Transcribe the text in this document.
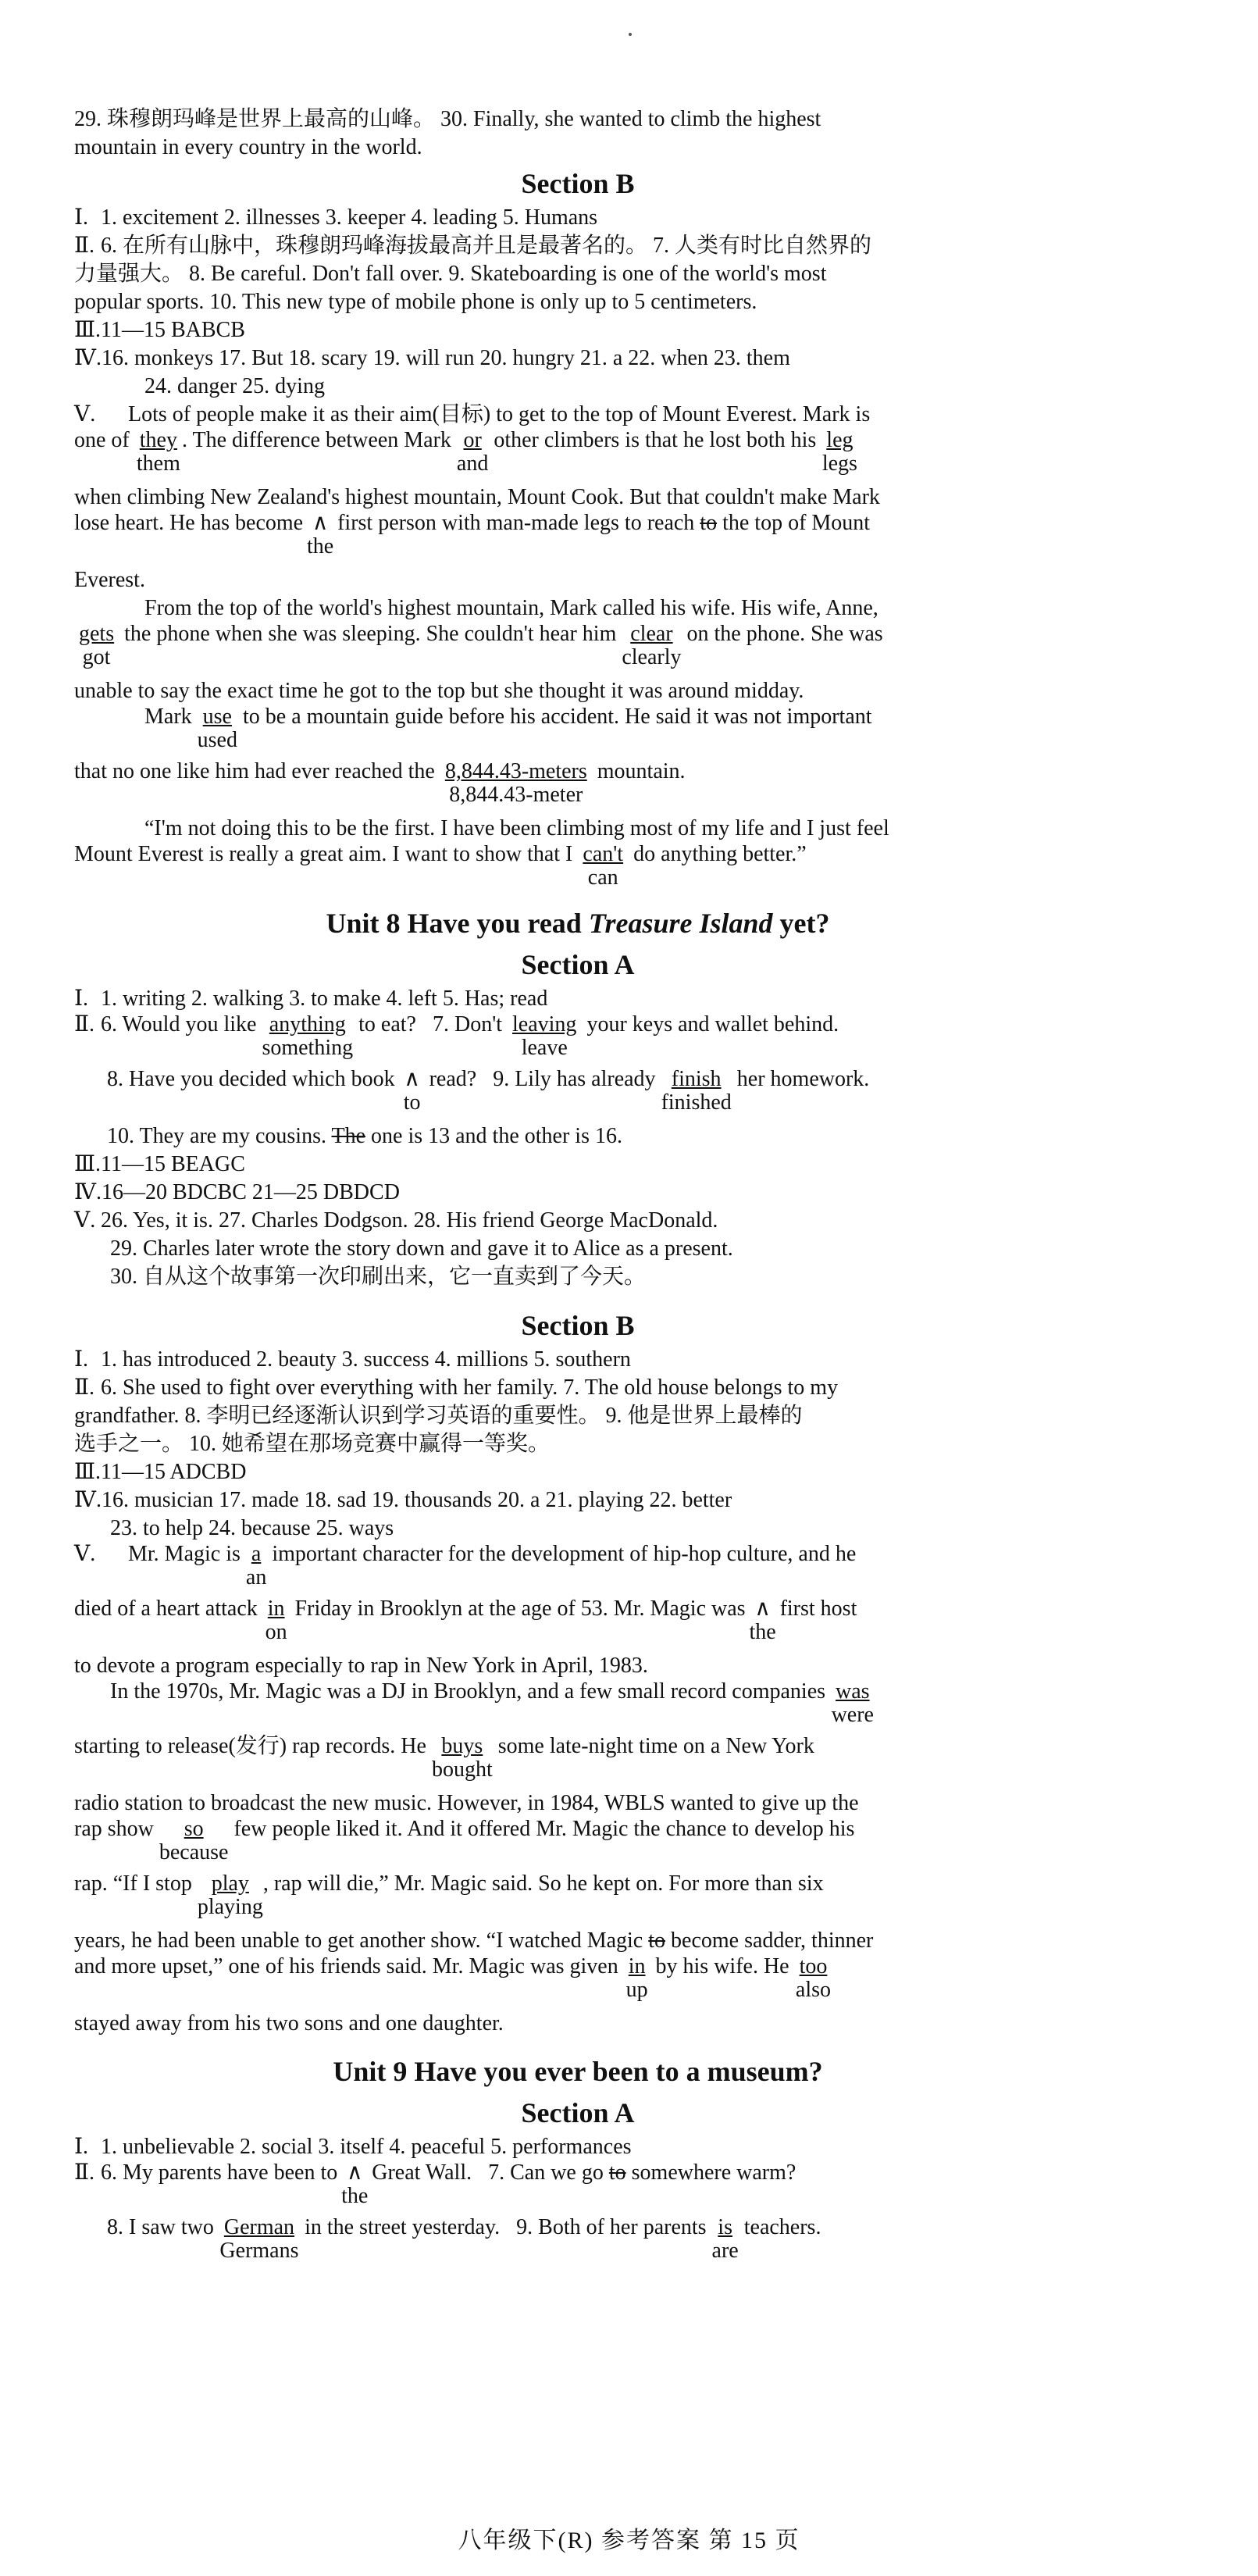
29. 珠穆朗玛峰是世界上最高的山峰。 30. Finally, she wanted to climb the highest
mountain in every country in the world.
Section B
Ⅰ. 1. excitement 2. illnesses 3. keeper 4. leading 5. Humans
Ⅱ. 6. 在所有山脉中，珠穆朗玛峰海拔最高并且是最著名的。 7. 人类有时比自然界的
力量强大。 8. Be careful. Don't fall over. 9. Skateboarding is one of the world's most
popular sports. 10. This new type of mobile phone is only up to 5 centimeters.
Ⅲ.11—15 BABCB
Ⅳ.16. monkeys 17. But 18. scary 19. will run 20. hungry 21. a 22. when 23. them
24. danger 25. dying
Ⅴ. Lots of people make it as their aim(目标) to get to the top of Mount Everest. Mark is
one of they
them
. The difference between Mark or
and
other climbers is that he lost both his leg
legs
when climbing New Zealand's highest mountain, Mount Cook. But that couldn't make Mark
lose heart. He has become ∧
the
first person with man-made legs to reach to the top of Mount
Everest.
From the top of the world's highest mountain, Mark called his wife. His wife, Anne,
gets
got
the phone when she was sleeping. She couldn't hear him clear
clearly
on the phone. She was
unable to say the exact time he got to the top but she thought it was around midday.
Mark use
used
to be a mountain guide before his accident. He said it was not important
that no one like him had ever reached the 8,844.43-meters
8,844.43-meter
mountain.
“I'm not doing this to be the first. I have been climbing most of my life and I just feel
Mount Everest is really a great aim. I want to show that I can't
can
do anything better.”
Unit 8 Have you read Treasure Island yet?
Section A
Ⅰ. 1. writing 2. walking 3. to make 4. left 5. Has; read
Ⅱ. 6. Would you like anything
something
to eat? 7. Don't leaving
leave
your keys and wallet behind.
8. Have you decided which book ∧
to
read? 9. Lily has already finish
finished
her homework.
10. They are my cousins. The one is 13 and the other is 16.
Ⅲ.11—15 BEAGC
Ⅳ.16—20 BDCBC 21—25 DBDCD
Ⅴ. 26. Yes, it is. 27. Charles Dodgson. 28. His friend George MacDonald.
29. Charles later wrote the story down and gave it to Alice as a present.
30. 自从这个故事第一次印刷出来，它一直卖到了今天。
Section B
Ⅰ. 1. has introduced 2. beauty 3. success 4. millions 5. southern
Ⅱ. 6. She used to fight over everything with her family. 7. The old house belongs to my
grandfather. 8. 李明已经逐渐认识到学习英语的重要性。 9. 他是世界上最棒的
选手之一。 10. 她希望在那场竞赛中赢得一等奖。
Ⅲ.11—15 ADCBD
Ⅳ.16. musician 17. made 18. sad 19. thousands 20. a 21. playing 22. better
23. to help 24. because 25. ways
Ⅴ. Mr. Magic is $\frac{a}{an}$ important character for the development of hip-hop culture, and he
died of a heart attack $\frac{in}{on}$ Friday in Brooklyn at the age of 53. Mr. Magic was ∧
the
first host
to devote a program especially to rap in New York in April, 1983.
In the 1970s, Mr. Magic was a DJ in Brooklyn, and a few small record companies was
were
starting to release(发行) rap records. He buys
bought
some late-night time on a New York
radio station to broadcast the new music. However, in 1984, WBLS wanted to give up the
rap show	so
because
few people liked it. And it offered Mr. Magic the chance to develop his
rap. “If I stop play
playing
, rap will die,” Mr. Magic said. So he kept on. For more than six
years, he had been unable to get another show. “I watched Magic to become sadder, thinner
and more upset,” one of his friends said. Mr. Magic was given $\frac{in}{up}$ by his wife. He too
also
stayed away from his two sons and one daughter.
Unit 9 Have you ever been to a museum?
Section A
Ⅰ. 1. unbelievable 2. social 3. itself 4. peaceful 5. performances
Ⅱ. 6. My parents have been to ∧
the
Great Wall. 7. Can we go to somewhere warm?
8. I saw two German
Germans
in the street yesterday. 9. Both of her parents is
are
teachers.
八年级下(R) 参考答案 第 15 页
